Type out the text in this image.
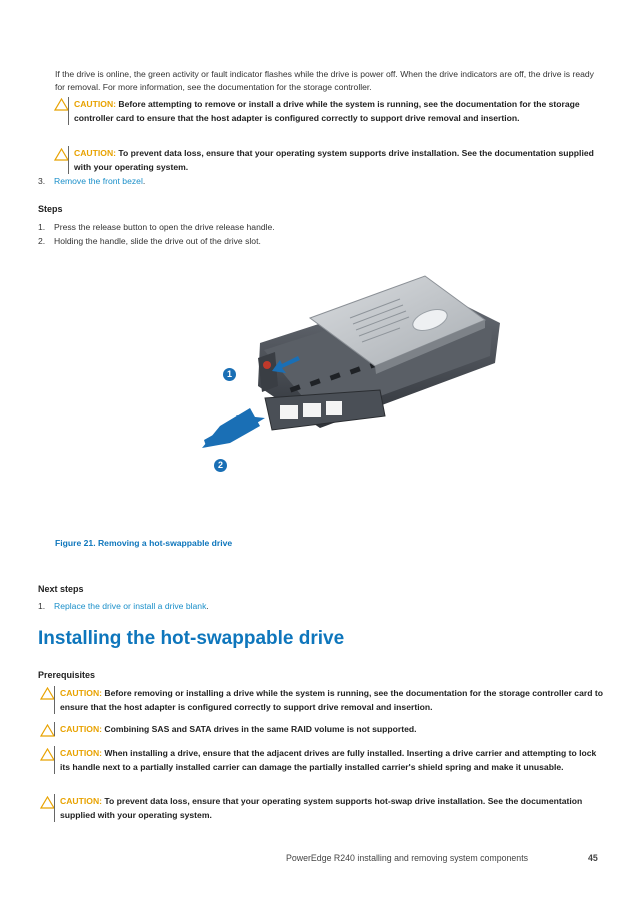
If the drive is online, the green activity or fault indicator flashes while the drive is power off. When the drive indicators are off, the drive is ready for removal. For more information, see the documentation for the storage controller.
CAUTION: Before attempting to remove or install a drive while the system is running, see the documentation for the storage controller card to ensure that the host adapter is configured correctly to support drive removal and insertion.
CAUTION: To prevent data loss, ensure that your operating system supports drive installation. See the documentation supplied with your operating system.
3. Remove the front bezel.
Steps
1. Press the release button to open the drive release handle.
2. Holding the handle, slide the drive out of the drive slot.
1
2
Figure 21. Removing a hot-swappable drive
Next steps
1. Replace the drive or install a drive blank.
Installing the hot-swappable drive
Prerequisites
CAUTION: Before removing or installing a drive while the system is running, see the documentation for the storage controller card to ensure that the host adapter is configured correctly to support drive removal and insertion.
CAUTION: Combining SAS and SATA drives in the same RAID volume is not supported.
CAUTION: When installing a drive, ensure that the adjacent drives are fully installed. Inserting a drive carrier and attempting to lock its handle next to a partially installed carrier can damage the partially installed carrier's shield spring and make it unusable.
CAUTION: To prevent data loss, ensure that your operating system supports hot-swap drive installation. See the documentation supplied with your operating system.
PowerEdge R240 installing and removing system components	45
